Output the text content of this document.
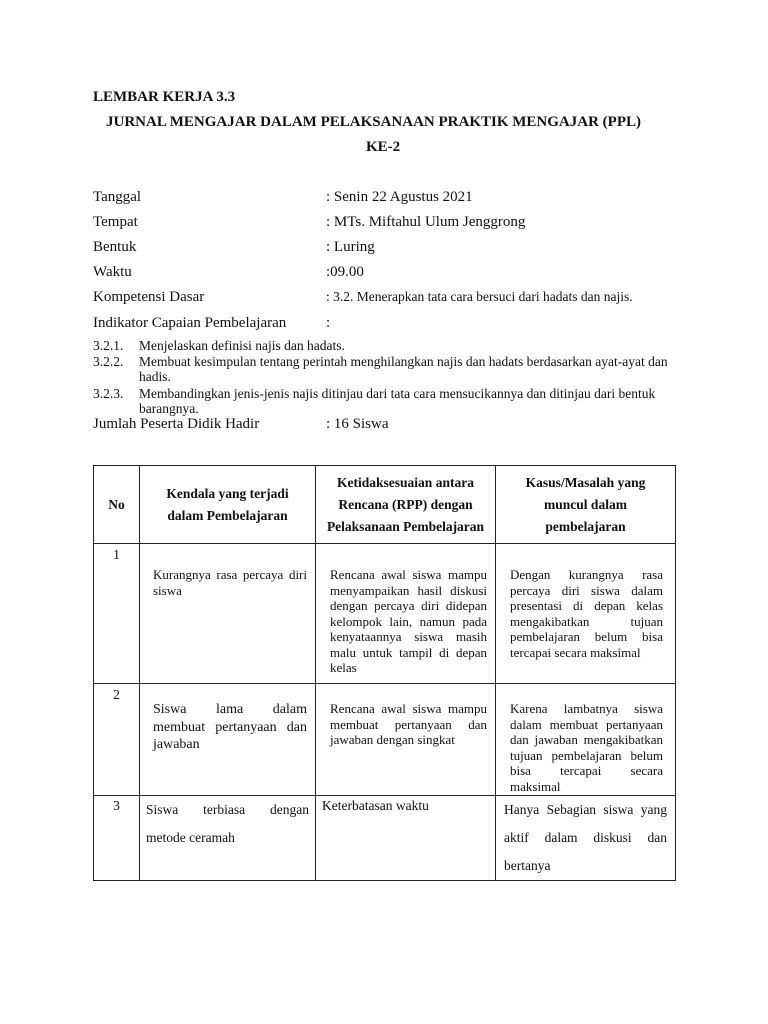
LEMBAR KERJA 3.3
JURNAL MENGAJAR DALAM PELAKSANAAN PRAKTIK MENGAJAR (PPL)
KE-2
Tanggal	: Senin 22 Agustus 2021
Tempat	: MTs. Miftahul Ulum Jenggrong
Bentuk	: Luring
Waktu	:09.00
Kompetensi Dasar	: 3.2. Menerapkan tata cara bersuci dari hadats dan najis.
Indikator Capaian Pembelajaran	:
3.2.1. Menjelaskan definisi najis dan hadats.
3.2.2. Membuat kesimpulan tentang perintah menghilangkan najis dan hadats berdasarkan ayat-ayat dan hadis.
3.2.3. Membandingkan jenis-jenis najis ditinjau dari tata cara mensucikannya dan ditinjau dari bentuk barangnya.
Jumlah Peserta Didik Hadir	: 16 Siswa
No	Kendala yang terjadi dalam Pembelajaran	Ketidaksesuaian antara Rencana (RPP) dengan Pelaksanaan Pembelajaran	Kasus/Masalah yang muncul dalam pembelajaran
1	Kurangnya rasa percaya diri siswa	Rencana awal siswa mampu menyampaikan hasil diskusi dengan percaya diri didepan kelompok lain, namun pada kenyataannya siswa masih malu untuk tampil di depan kelas	Dengan kurangnya rasa percaya diri siswa dalam presentasi di depan kelas mengakibatkan tujuan pembelajaran belum bisa tercapai secara maksimal
2	Siswa lama dalam membuat pertanyaan dan jawaban	Rencana awal siswa mampu membuat pertanyaan dan jawaban dengan singkat	Karena lambatnya siswa dalam membuat pertanyaan dan jawaban mengakibatkan tujuan pembelajaran belum bisa tercapai secara maksimal
3	Siswa terbiasa dengan metode ceramah	Keterbatasan waktu	Hanya Sebagian siswa yang aktif dalam diskusi dan bertanya
